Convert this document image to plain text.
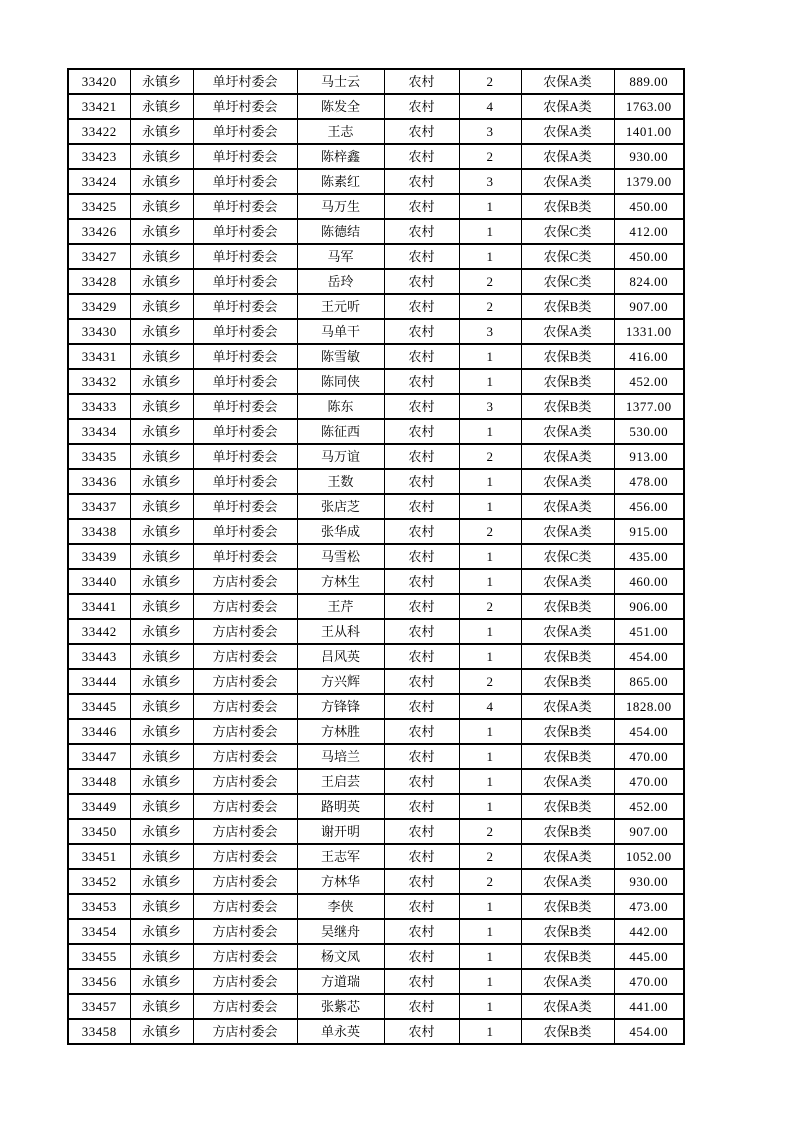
33420	永镇乡	单圩村委会	马士云	农村	2	农保A类	889.00
33421	永镇乡	单圩村委会	陈发全	农村	4	农保A类	1763.00
33422	永镇乡	单圩村委会	王志	农村	3	农保A类	1401.00
33423	永镇乡	单圩村委会	陈梓鑫	农村	2	农保A类	930.00
33424	永镇乡	单圩村委会	陈素红	农村	3	农保A类	1379.00
33425	永镇乡	单圩村委会	马万生	农村	1	农保B类	450.00
33426	永镇乡	单圩村委会	陈德结	农村	1	农保C类	412.00
33427	永镇乡	单圩村委会	马军	农村	1	农保C类	450.00
33428	永镇乡	单圩村委会	岳玲	农村	2	农保C类	824.00
33429	永镇乡	单圩村委会	王元听	农村	2	农保B类	907.00
33430	永镇乡	单圩村委会	马单干	农村	3	农保A类	1331.00
33431	永镇乡	单圩村委会	陈雪敏	农村	1	农保B类	416.00
33432	永镇乡	单圩村委会	陈同侠	农村	1	农保B类	452.00
33433	永镇乡	单圩村委会	陈东	农村	3	农保B类	1377.00
33434	永镇乡	单圩村委会	陈征西	农村	1	农保A类	530.00
33435	永镇乡	单圩村委会	马万谊	农村	2	农保A类	913.00
33436	永镇乡	单圩村委会	王数	农村	1	农保A类	478.00
33437	永镇乡	单圩村委会	张店芝	农村	1	农保A类	456.00
33438	永镇乡	单圩村委会	张华成	农村	2	农保A类	915.00
33439	永镇乡	单圩村委会	马雪松	农村	1	农保C类	435.00
33440	永镇乡	方店村委会	方林生	农村	1	农保A类	460.00
33441	永镇乡	方店村委会	王芹	农村	2	农保B类	906.00
33442	永镇乡	方店村委会	王从科	农村	1	农保A类	451.00
33443	永镇乡	方店村委会	吕风英	农村	1	农保B类	454.00
33444	永镇乡	方店村委会	方兴辉	农村	2	农保B类	865.00
33445	永镇乡	方店村委会	方锋锋	农村	4	农保A类	1828.00
33446	永镇乡	方店村委会	方林胜	农村	1	农保B类	454.00
33447	永镇乡	方店村委会	马培兰	农村	1	农保B类	470.00
33448	永镇乡	方店村委会	王启芸	农村	1	农保A类	470.00
33449	永镇乡	方店村委会	路明英	农村	1	农保B类	452.00
33450	永镇乡	方店村委会	谢开明	农村	2	农保B类	907.00
33451	永镇乡	方店村委会	王志军	农村	2	农保A类	1052.00
33452	永镇乡	方店村委会	方林华	农村	2	农保A类	930.00
33453	永镇乡	方店村委会	李侠	农村	1	农保B类	473.00
33454	永镇乡	方店村委会	吴继舟	农村	1	农保B类	442.00
33455	永镇乡	方店村委会	杨文凤	农村	1	农保B类	445.00
33456	永镇乡	方店村委会	方道瑞	农村	1	农保A类	470.00
33457	永镇乡	方店村委会	张紫芯	农村	1	农保A类	441.00
33458	永镇乡	方店村委会	单永英	农村	1	农保B类	454.00
